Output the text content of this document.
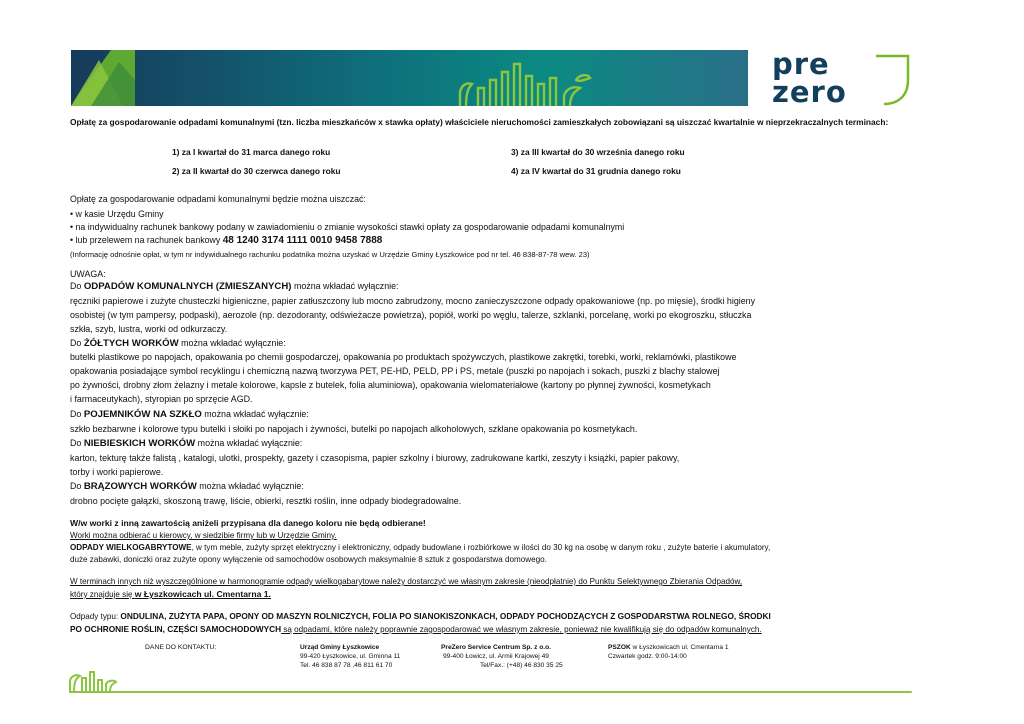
pre
zero
Opłatę za gospodarowanie odpadami komunalnymi (tzn. liczba mieszkańców x stawka opłaty) właściciele nieruchomości zamieszkałych zobowiązani są uiszczać kwartalnie w nieprzekraczalnych terminach:
1) za I kwartał do 31 marca danego roku
2) za II kwartał do 30 czerwca danego roku
3) za III kwartał do 30 września danego roku
4) za IV kwartał do 31 grudnia danego roku
Opłatę za gospodarowanie odpadami komunalnymi będzie można uiszczać:
• w kasie Urzędu Gminy
• na indywidualny rachunek bankowy podany w zawiadomieniu o zmianie wysokości stawki opłaty za gospodarowanie odpadami komunalnymi
• lub przelewem na rachunek bankowy 48 1240 3174 1111 0010 9458 7888
(Informację odnośnie opłat, w tym nr indywidualnego rachunku podatnika można uzyskać w Urzędzie Gminy Łyszkowice pod nr tel. 46 838-87-78 wew. 23)
UWAGA:
Do ODPADÓW KOMUNALNYCH (ZMIESZANYCH) można wkładać wyłącznie:
ręczniki papierowe i zużyte chusteczki higieniczne, papier zatłuszczony lub mocno zabrudzony, mocno zanieczyszczone odpady opakowaniowe (np. po mięsie), środki higieny
osobistej (w tym pampersy, podpaski), aerozole (np. dezodoranty, odświeżacze powietrza), popiół, worki po węglu, talerze, szklanki, porcelanę, worki po ekogroszku, stłuczka
szkła, szyb, lustra, worki od odkurzaczy.
Do ŻÓŁTYCH WORKÓW można wkładać wyłącznie:
butelki plastikowe po napojach, opakowania po chemii gospodarczej, opakowania po produktach spożywczych, plastikowe zakrętki, torebki, worki, reklamówki, plastikowe
opakowania posiadające symbol recyklingu i chemiczną nazwą tworzywa PET, PE-HD, PELD, PP i PS, metale (puszki po napojach i sokach, puszki z blachy stalowej
po żywności, drobny złom żelazny i metale kolorowe, kapsle z butelek, folia aluminiowa), opakowania wielomateriałowe (kartony po płynnej żywności, kosmetykach
i farmaceutykach), styropian po sprzęcie AGD.
Do POJEMNIKÓW NA SZKŁO można wkładać wyłącznie:
szkło bezbarwne i kolorowe typu butelki i słoiki po napojach i żywności, butelki po napojach alkoholowych, szklane opakowania po kosmetykach.
Do NIEBIESKICH WORKÓW można wkładać wyłącznie:
karton, tekturę także falistą , katalogi, ulotki, prospekty, gazety i czasopisma, papier szkolny i biurowy, zadrukowane kartki, zeszyty i książki, papier pakowy,
torby i worki papierowe.
Do BRĄZOWYCH WORKÓW można wkładać wyłącznie:
drobno pocięte gałązki, skoszoną trawę, liście, obierki, resztki roślin, inne odpady biodegradowalne.
W/w worki z inną zawartością aniżeli przypisana dla danego koloru nie będą odbierane!
Worki można odbierać u kierowcy, w siedzibie firmy lub w Urzędzie Gminy.
ODPADY WIELKOGABRYTOWE, w tym meble, zużyty sprzęt elektryczny i elektroniczny, odpady budowlane i rozbiórkowe w ilości do 30 kg na osobę w danym roku , zużyte baterie i akumulatory,
duże zabawki, doniczki oraz zużyte opony wyłączenie od samochodów osobowych maksymalnie 8 sztuk z gospodarstwa domowego.
W terminach innych niż wyszczególnione w harmonogramie odpady wielkogabarytowe należy dostarczyć we własnym zakresie (nieodpłatnie) do Punktu Selektywnego Zbierania Odpadów,
który znajduje się w Łyszkowicach ul. Cmentarna 1.
Odpady typu: ONDULINA, ZUŻYTA PAPA, OPONY OD MASZYN ROLNICZYCH, FOLIA PO SIANOKISZONKACH, ODPADY POCHODZĄCYCH Z GOSPODARSTWA ROLNEGO, ŚRODKI
PO OCHRONIE ROŚLIN, CZĘŚCI SAMOCHODOWYCH są odpadami, które należy poprawnie zagospodarować we własnym zakresie, ponieważ nie kwalifikują się do odpadów komunalnych.
DANE DO KONTAKTU:	Urząd Gminy Łyszkowice
99-420 Łyszkowice, ul. Gminna 11
Tel. 46 838 87 78 ,46 811 61 70
PreZero Service Centrum Sp. z o.o.
99-400 Łowicz, ul. Armii Krajowej 49
Tel/Fax.: (+48) 46 830 35 25
PSZOK w Łyszkowicach ul. Cmentarna 1
Czwartek godz. 9:00-14:00
